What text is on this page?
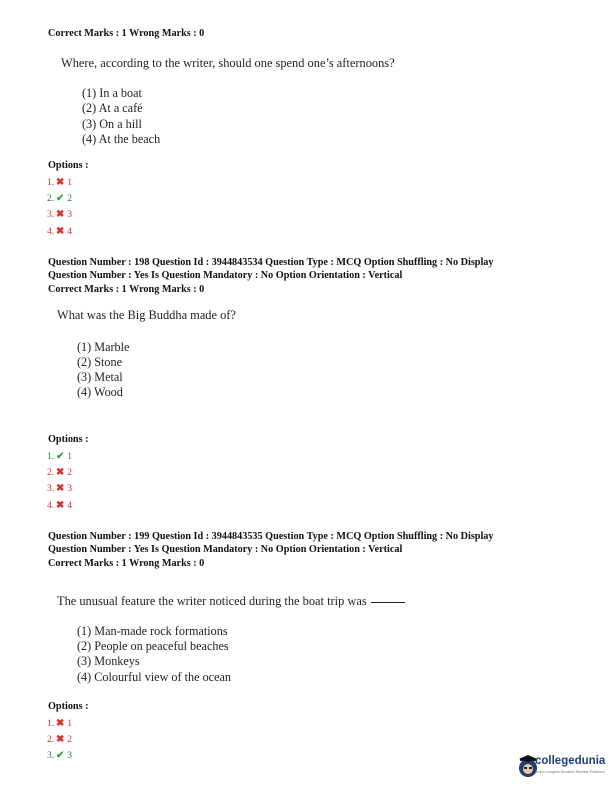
Correct Marks : 1 Wrong Marks : 0
Where, according to the writer, should one spend one’s afternoons?
(1) In a boat
(2) At a café
(3) On a hill
(4) At the beach
Options :
1. ✖ 1
2. ✔ 2
3. ✖ 3
4. ✖ 4
Question Number : 198 Question Id : 3944843534 Question Type : MCQ Option Shuffling : No Display
Question Number : Yes Is Question Mandatory : No Option Orientation : Vertical
Correct Marks : 1 Wrong Marks : 0
What was the Big Buddha made of?
(1) Marble
(2) Stone
(3) Metal
(4) Wood
Options :
1. ✔ 1
2. ✖ 2
3. ✖ 3
4. ✖ 4
Question Number : 199 Question Id : 3944843535 Question Type : MCQ Option Shuffling : No Display
Question Number : Yes Is Question Mandatory : No Option Orientation : Vertical
Correct Marks : 1 Wrong Marks : 0
The unusual feature the writer noticed during the boat trip was
(1) Man-made rock formations
(2) People on peaceful beaches
(3) Monkeys
(4) Colourful view of the ocean
Options :
1. ✖ 1
2. ✖ 2
3. ✔ 3	collegedunia
India's largest Student Review Platform
